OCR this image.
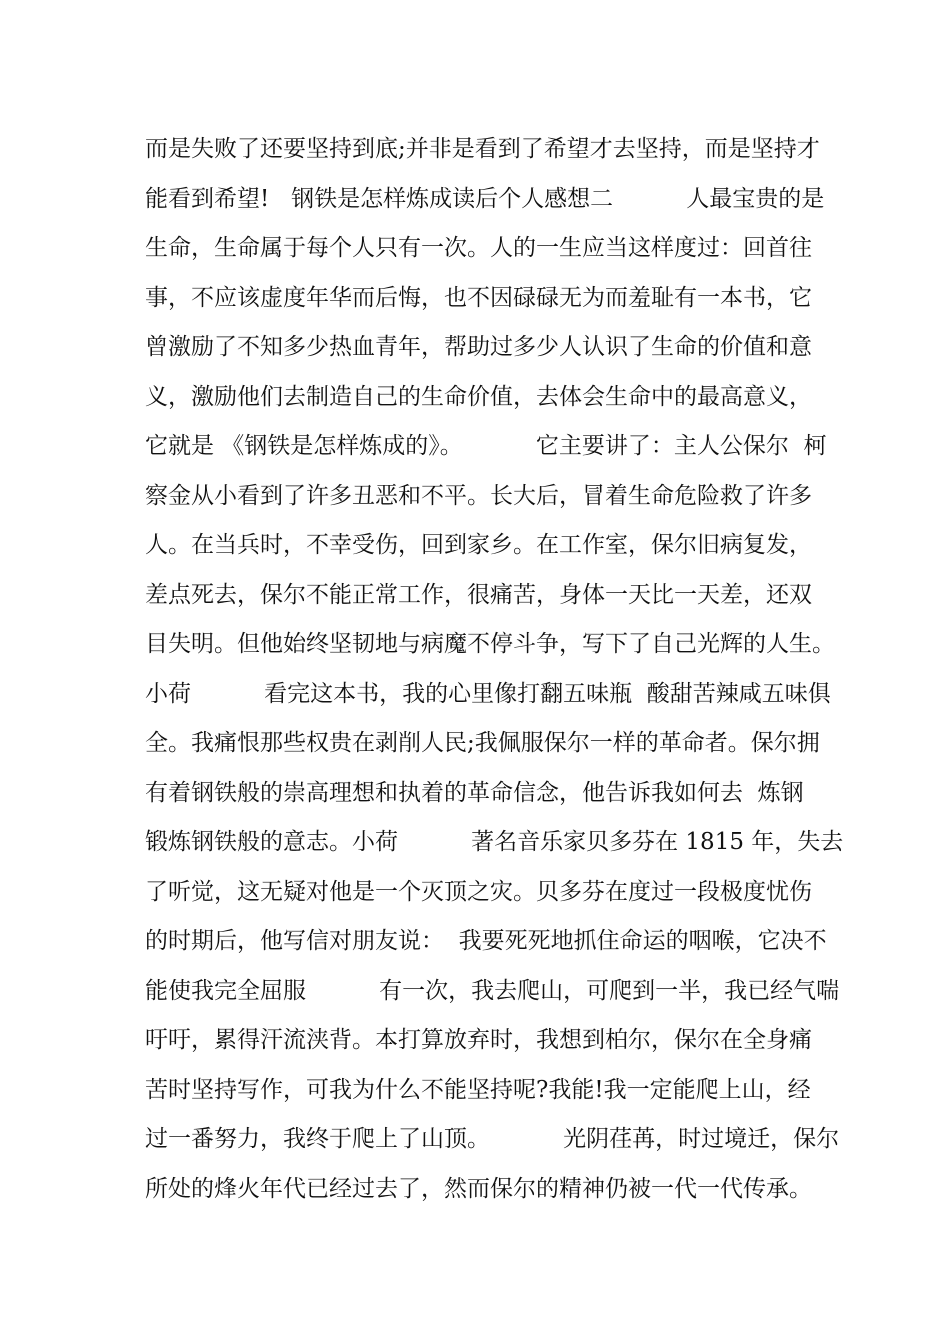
而是失败了还要坚持到底;并非是看到了希望才去坚持，而是坚持才
能看到希望!   钢铁是怎样炼成读后个人感想二          人最宝贵的是
生命，生命属于每个人只有一次。人的一生应当这样度过：回首往
事，不应该虚度年华而后悔，也不因碌碌无为而羞耻有一本书，它
曾激励了不知多少热血青年，帮助过多少人认识了生命的价值和意
义，激励他们去制造自己的生命价值，去体会生命中的最高意义，
它就是 《钢铁是怎样炼成的》。          它主要讲了：主人公保尔  柯
察金从小看到了许多丑恶和不平。长大后，冒着生命危险救了许多
人。在当兵时，不幸受伤，回到家乡。在工作室，保尔旧病复发，
差点死去，保尔不能正常工作，很痛苦，身体一天比一天差，还双
目失明。但他始终坚韧地与病魔不停斗争，写下了自己光辉的人生。
小荷          看完这本书，我的心里像打翻五味瓶  酸甜苦辣咸五味俱
全。我痛恨那些权贵在剥削人民;我佩服保尔一样的革命者。保尔拥
有着钢铁般的崇高理想和执着的革命信念，他告诉我如何去  炼钢
锻炼钢铁般的意志。小荷          著名音乐家贝多芬在 1815 年，失去
了听觉，这无疑对他是一个灭顶之灾。贝多芬在度过一段极度忧伤
的时期后，他写信对朋友说：  我要死死地抓住命运的咽喉，它决不
能使我完全屈服          有一次，我去爬山，可爬到一半，我已经气喘
吁吁，累得汗流浃背。本打算放弃时，我想到柏尔，保尔在全身痛
苦时坚持写作，可我为什么不能坚持呢?我能!我一定能爬上山，经
过一番努力，我终于爬上了山顶。          光阴荏苒，时过境迁，保尔
所处的烽火年代已经过去了，然而保尔的精神仍被一代一代传承。
